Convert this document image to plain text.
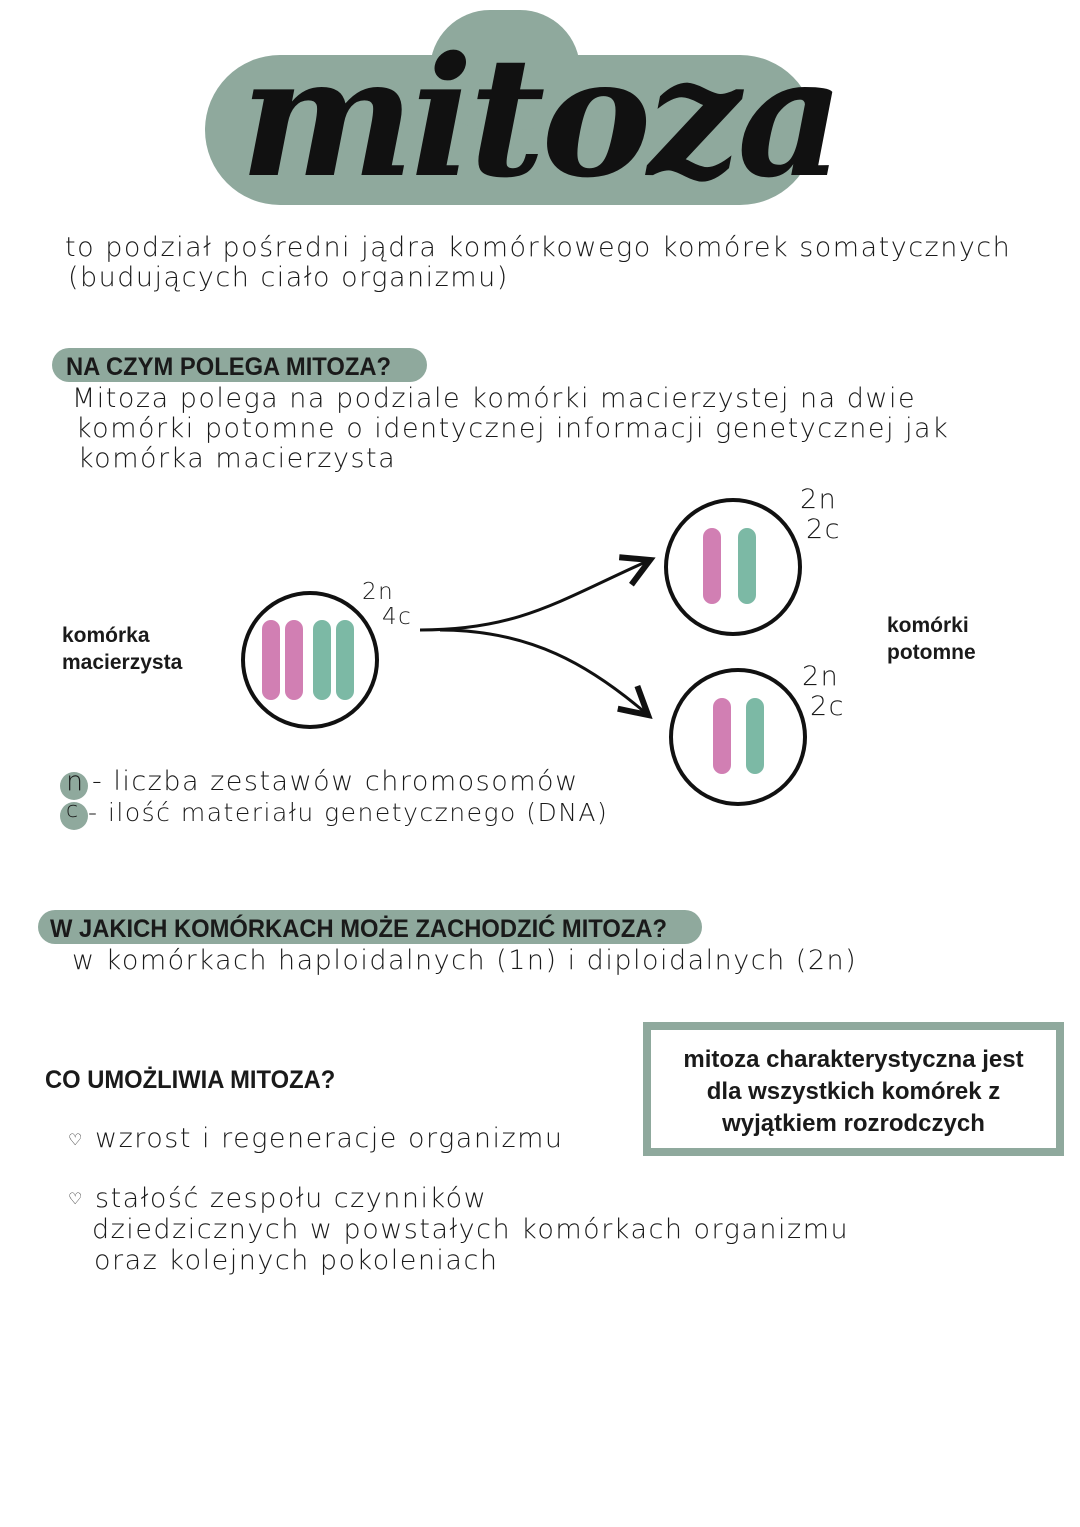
mitoza
to podział pośredni jądra komórkowego komórek somatycznych
(budujących ciało organizmu)
NA CZYM POLEGA MITOZA?
Mitoza polega na podziale komórki macierzystej na dwie
komórki potomne o identycznej informacji genetycznej jak
komórka macierzysta
komórka
macierzysta
2n
4c
2n
2c
2n
2c
komórki
potomne
n - liczba zestawów chromosomów
c - ilość materiału genetycznego (DNA)
W JAKICH KOMÓRKACH MOŻE ZACHODZIĆ MITOZA?
w komórkach haploidalnych (1n) i diploidalnych (2n)
CO UMOŻLIWIA MITOZA?
♡ wzrost i regeneracje organizmu
♡ stałość zespołu czynników
dziedzicznych w powstałych komórkach organizmu
oraz kolejnych pokoleniach
mitoza charakterystyczna jest
dla wszystkich komórek z
wyjątkiem rozrodczych
